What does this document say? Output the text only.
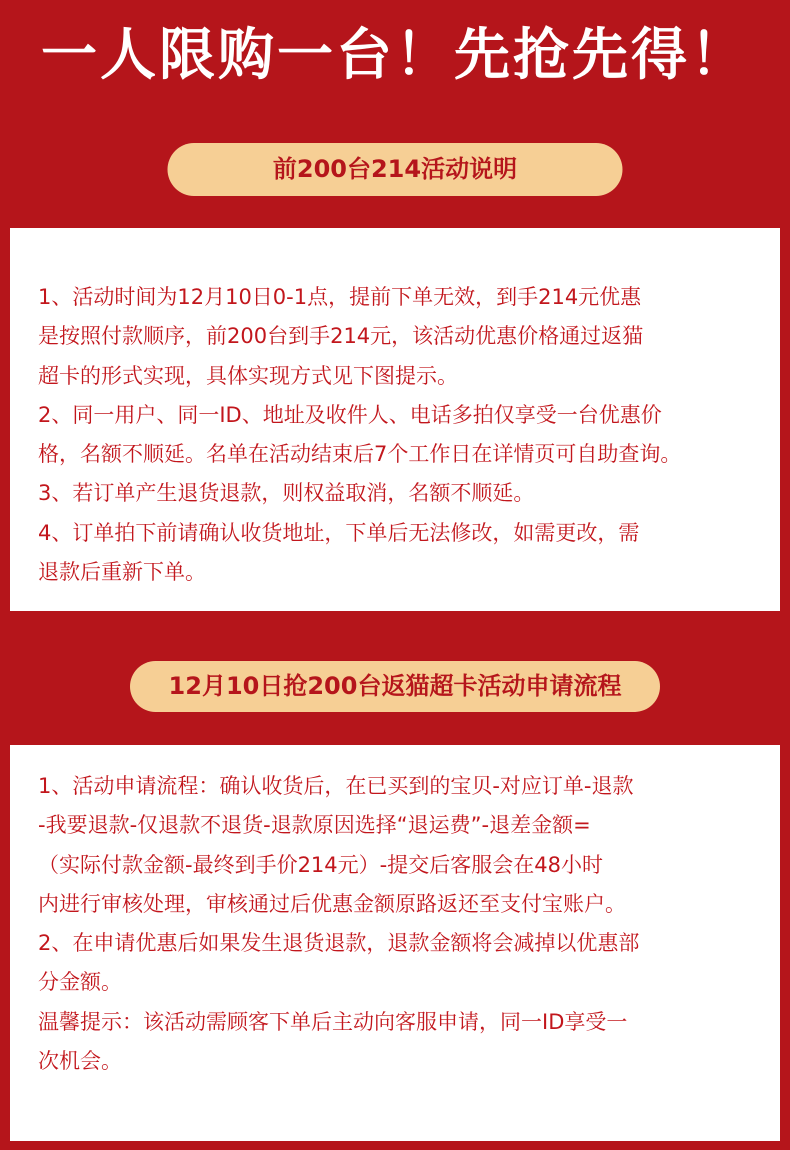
一人限购一台！先抢先得！
前200台214活动说明

1、活动时间为12月10日0-1点，提前下单无效，到手214元优惠

是按照付款顺序，前200台到手214元，该活动优惠价格通过返猫

超卡的形式实现，具体实现方式见下图提示。

2、同一用户、同一ID、地址及收件人、电话多拍仅享受一台优惠价

格，名额不顺延。名单在活动结束后7个工作日在详情页可自助查询。

3、若订单产生退货退款，则权益取消，名额不顺延。

4、订单拍下前请确认收货地址，下单后无法修改，如需更改，需

退款后重新下单。

12月10日抢200台返猫超卡活动申请流程

1、活动申请流程：确认收货后，在已买到的宝贝-对应订单-退款

-我要退款-仅退款不退货-退款原因选择“退运费”-退差金额=

（实际付款金额-最终到手价214元）-提交后客服会在48小时

内进行审核处理，审核通过后优惠金额原路返还至支付宝账户。

2、在申请优惠后如果发生退货退款，退款金额将会减掉以优惠部

分金额。

温馨提示：该活动需顾客下单后主动向客服申请，同一ID享受一

次机会。
